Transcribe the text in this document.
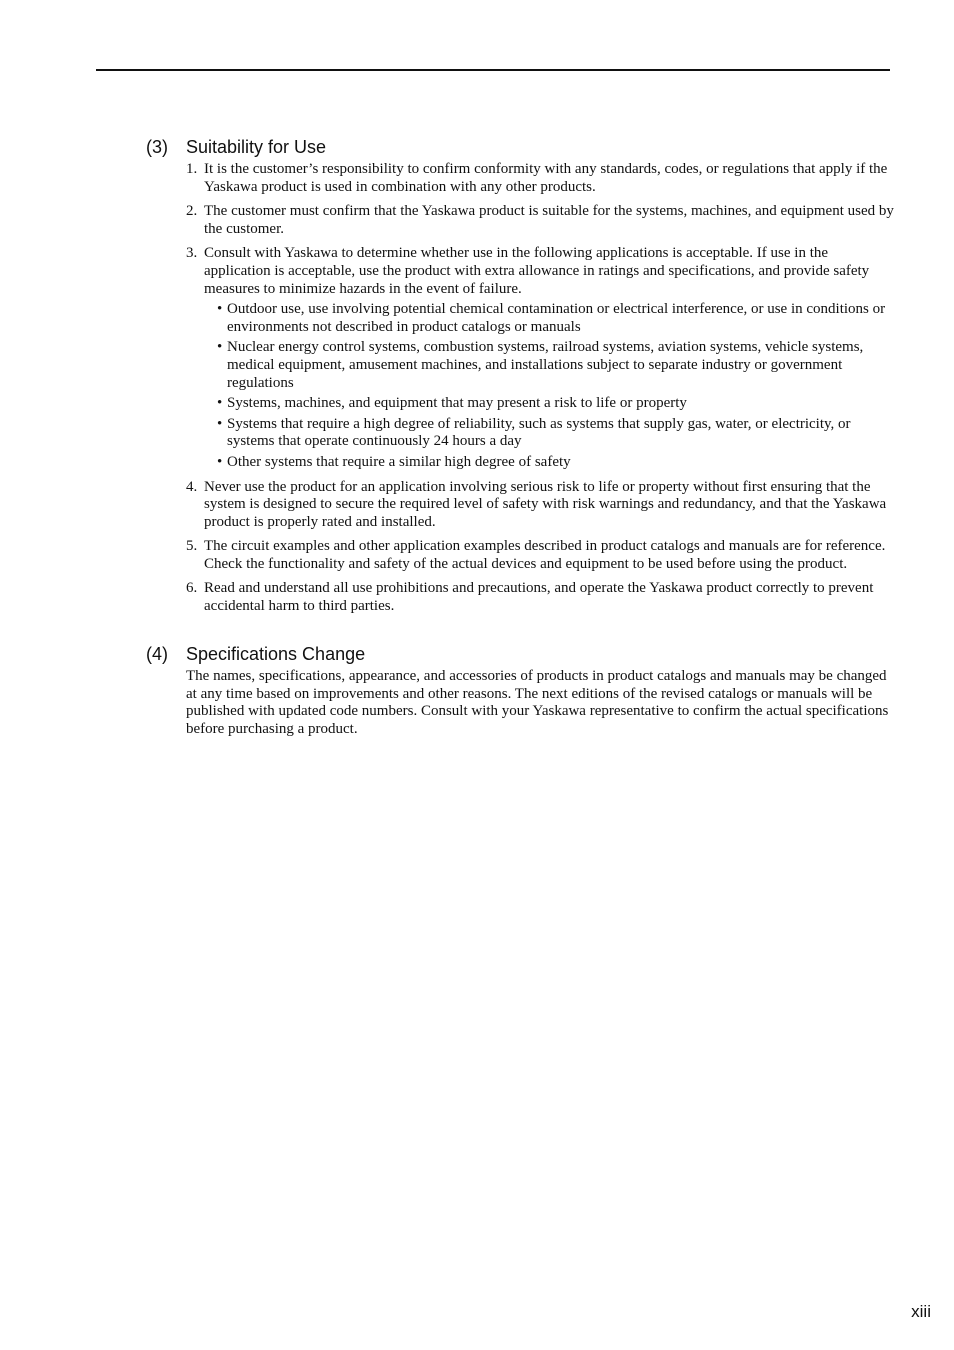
(3) Suitability for Use
1. It is the customer’s responsibility to confirm conformity with any standards, codes, or regulations that apply if the Yaskawa product is used in combination with any other products.
2. The customer must confirm that the Yaskawa product is suitable for the systems, machines, and equipment used by the customer.
3. Consult with Yaskawa to determine whether use in the following applications is acceptable. If use in the application is acceptable, use the product with extra allowance in ratings and specifications, and provide safety measures to minimize hazards in the event of failure.
• Outdoor use, use involving potential chemical contamination or electrical interference, or use in conditions or environments not described in product catalogs or manuals
• Nuclear energy control systems, combustion systems, railroad systems, aviation systems, vehicle systems, medical equipment, amusement machines, and installations subject to separate industry or government regulations
• Systems, machines, and equipment that may present a risk to life or property
• Systems that require a high degree of reliability, such as systems that supply gas, water, or electricity, or systems that operate continuously 24 hours a day
• Other systems that require a similar high degree of safety
4. Never use the product for an application involving serious risk to life or property without first ensuring that the system is designed to secure the required level of safety with risk warnings and redundancy, and that the Yaskawa product is properly rated and installed.
5. The circuit examples and other application examples described in product catalogs and manuals are for reference. Check the functionality and safety of the actual devices and equipment to be used before using the product.
6. Read and understand all use prohibitions and precautions, and operate the Yaskawa product correctly to prevent accidental harm to third parties.
(4) Specifications Change

The names, specifications, appearance, and accessories of products in product catalogs and manuals may be changed at any time based on improvements and other reasons. The next editions of the revised catalogs or manuals will be published with updated code numbers. Consult with your Yaskawa representative to confirm the actual specifications before purchasing a product.

xiii
